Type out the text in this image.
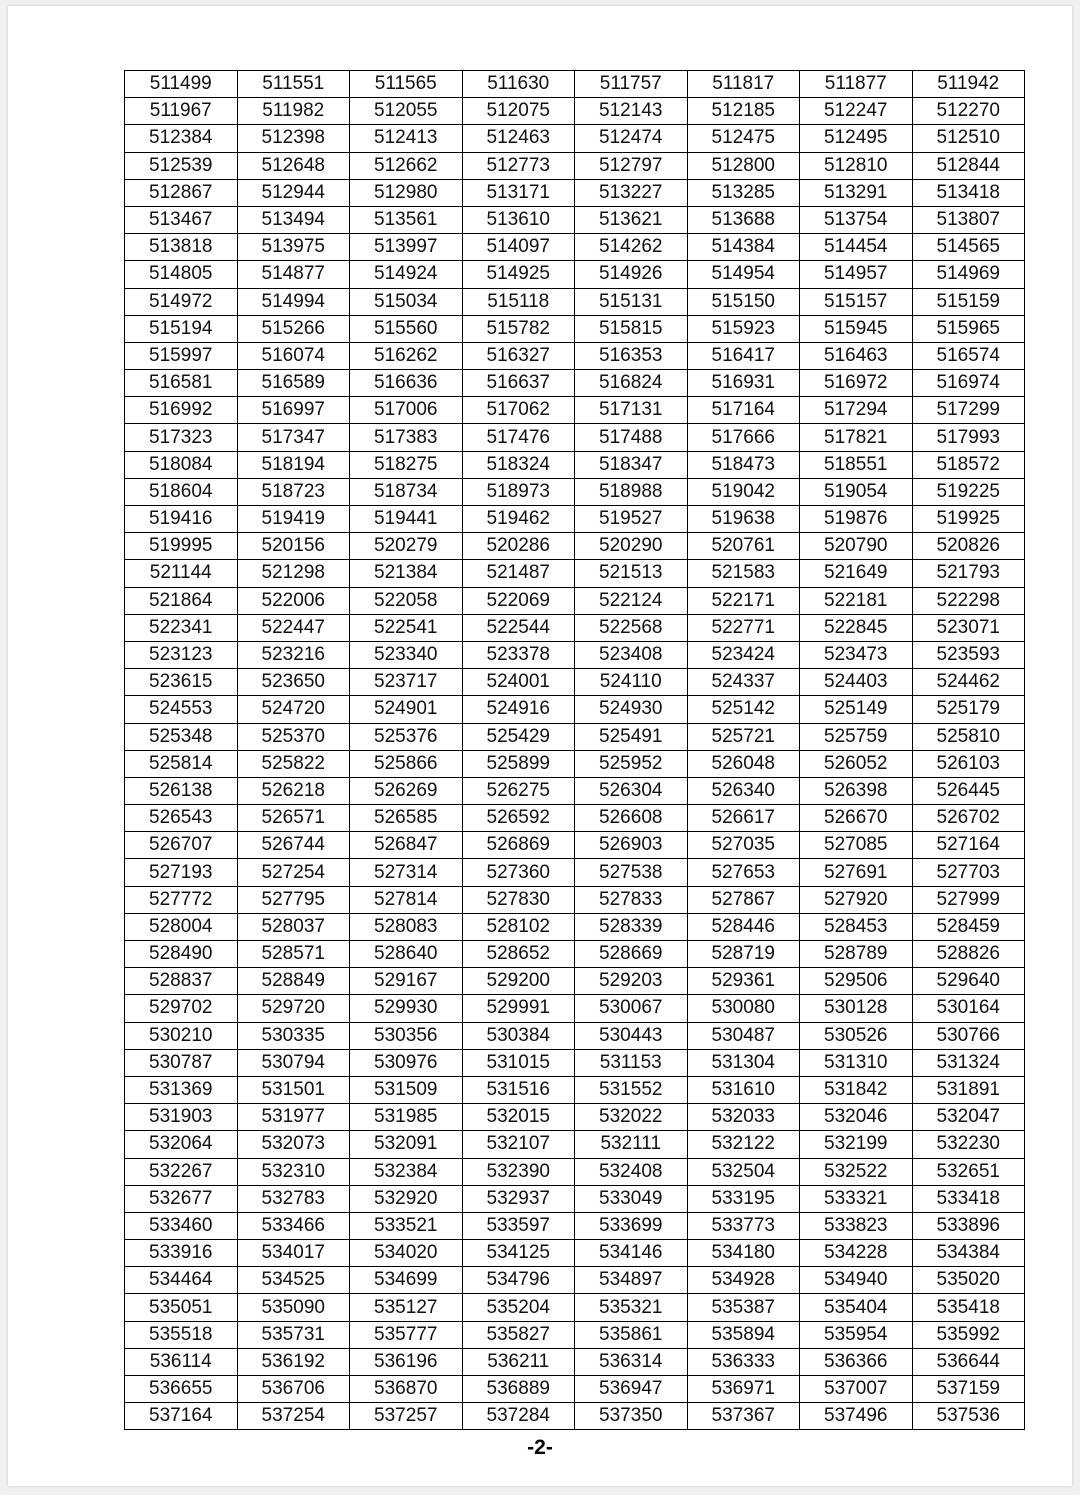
511499	511551	511565	511630	511757	511817	511877	511942
511967	511982	512055	512075	512143	512185	512247	512270
512384	512398	512413	512463	512474	512475	512495	512510
512539	512648	512662	512773	512797	512800	512810	512844
512867	512944	512980	513171	513227	513285	513291	513418
513467	513494	513561	513610	513621	513688	513754	513807
513818	513975	513997	514097	514262	514384	514454	514565
514805	514877	514924	514925	514926	514954	514957	514969
514972	514994	515034	515118	515131	515150	515157	515159
515194	515266	515560	515782	515815	515923	515945	515965
515997	516074	516262	516327	516353	516417	516463	516574
516581	516589	516636	516637	516824	516931	516972	516974
516992	516997	517006	517062	517131	517164	517294	517299
517323	517347	517383	517476	517488	517666	517821	517993
518084	518194	518275	518324	518347	518473	518551	518572
518604	518723	518734	518973	518988	519042	519054	519225
519416	519419	519441	519462	519527	519638	519876	519925
519995	520156	520279	520286	520290	520761	520790	520826
521144	521298	521384	521487	521513	521583	521649	521793
521864	522006	522058	522069	522124	522171	522181	522298
522341	522447	522541	522544	522568	522771	522845	523071
523123	523216	523340	523378	523408	523424	523473	523593
523615	523650	523717	524001	524110	524337	524403	524462
524553	524720	524901	524916	524930	525142	525149	525179
525348	525370	525376	525429	525491	525721	525759	525810
525814	525822	525866	525899	525952	526048	526052	526103
526138	526218	526269	526275	526304	526340	526398	526445
526543	526571	526585	526592	526608	526617	526670	526702
526707	526744	526847	526869	526903	527035	527085	527164
527193	527254	527314	527360	527538	527653	527691	527703
527772	527795	527814	527830	527833	527867	527920	527999
528004	528037	528083	528102	528339	528446	528453	528459
528490	528571	528640	528652	528669	528719	528789	528826
528837	528849	529167	529200	529203	529361	529506	529640
529702	529720	529930	529991	530067	530080	530128	530164
530210	530335	530356	530384	530443	530487	530526	530766
530787	530794	530976	531015	531153	531304	531310	531324
531369	531501	531509	531516	531552	531610	531842	531891
531903	531977	531985	532015	532022	532033	532046	532047
532064	532073	532091	532107	532111	532122	532199	532230
532267	532310	532384	532390	532408	532504	532522	532651
532677	532783	532920	532937	533049	533195	533321	533418
533460	533466	533521	533597	533699	533773	533823	533896
533916	534017	534020	534125	534146	534180	534228	534384
534464	534525	534699	534796	534897	534928	534940	535020
535051	535090	535127	535204	535321	535387	535404	535418
535518	535731	535777	535827	535861	535894	535954	535992
536114	536192	536196	536211	536314	536333	536366	536644
536655	536706	536870	536889	536947	536971	537007	537159
537164	537254	537257	537284	537350	537367	537496	537536
-2-
